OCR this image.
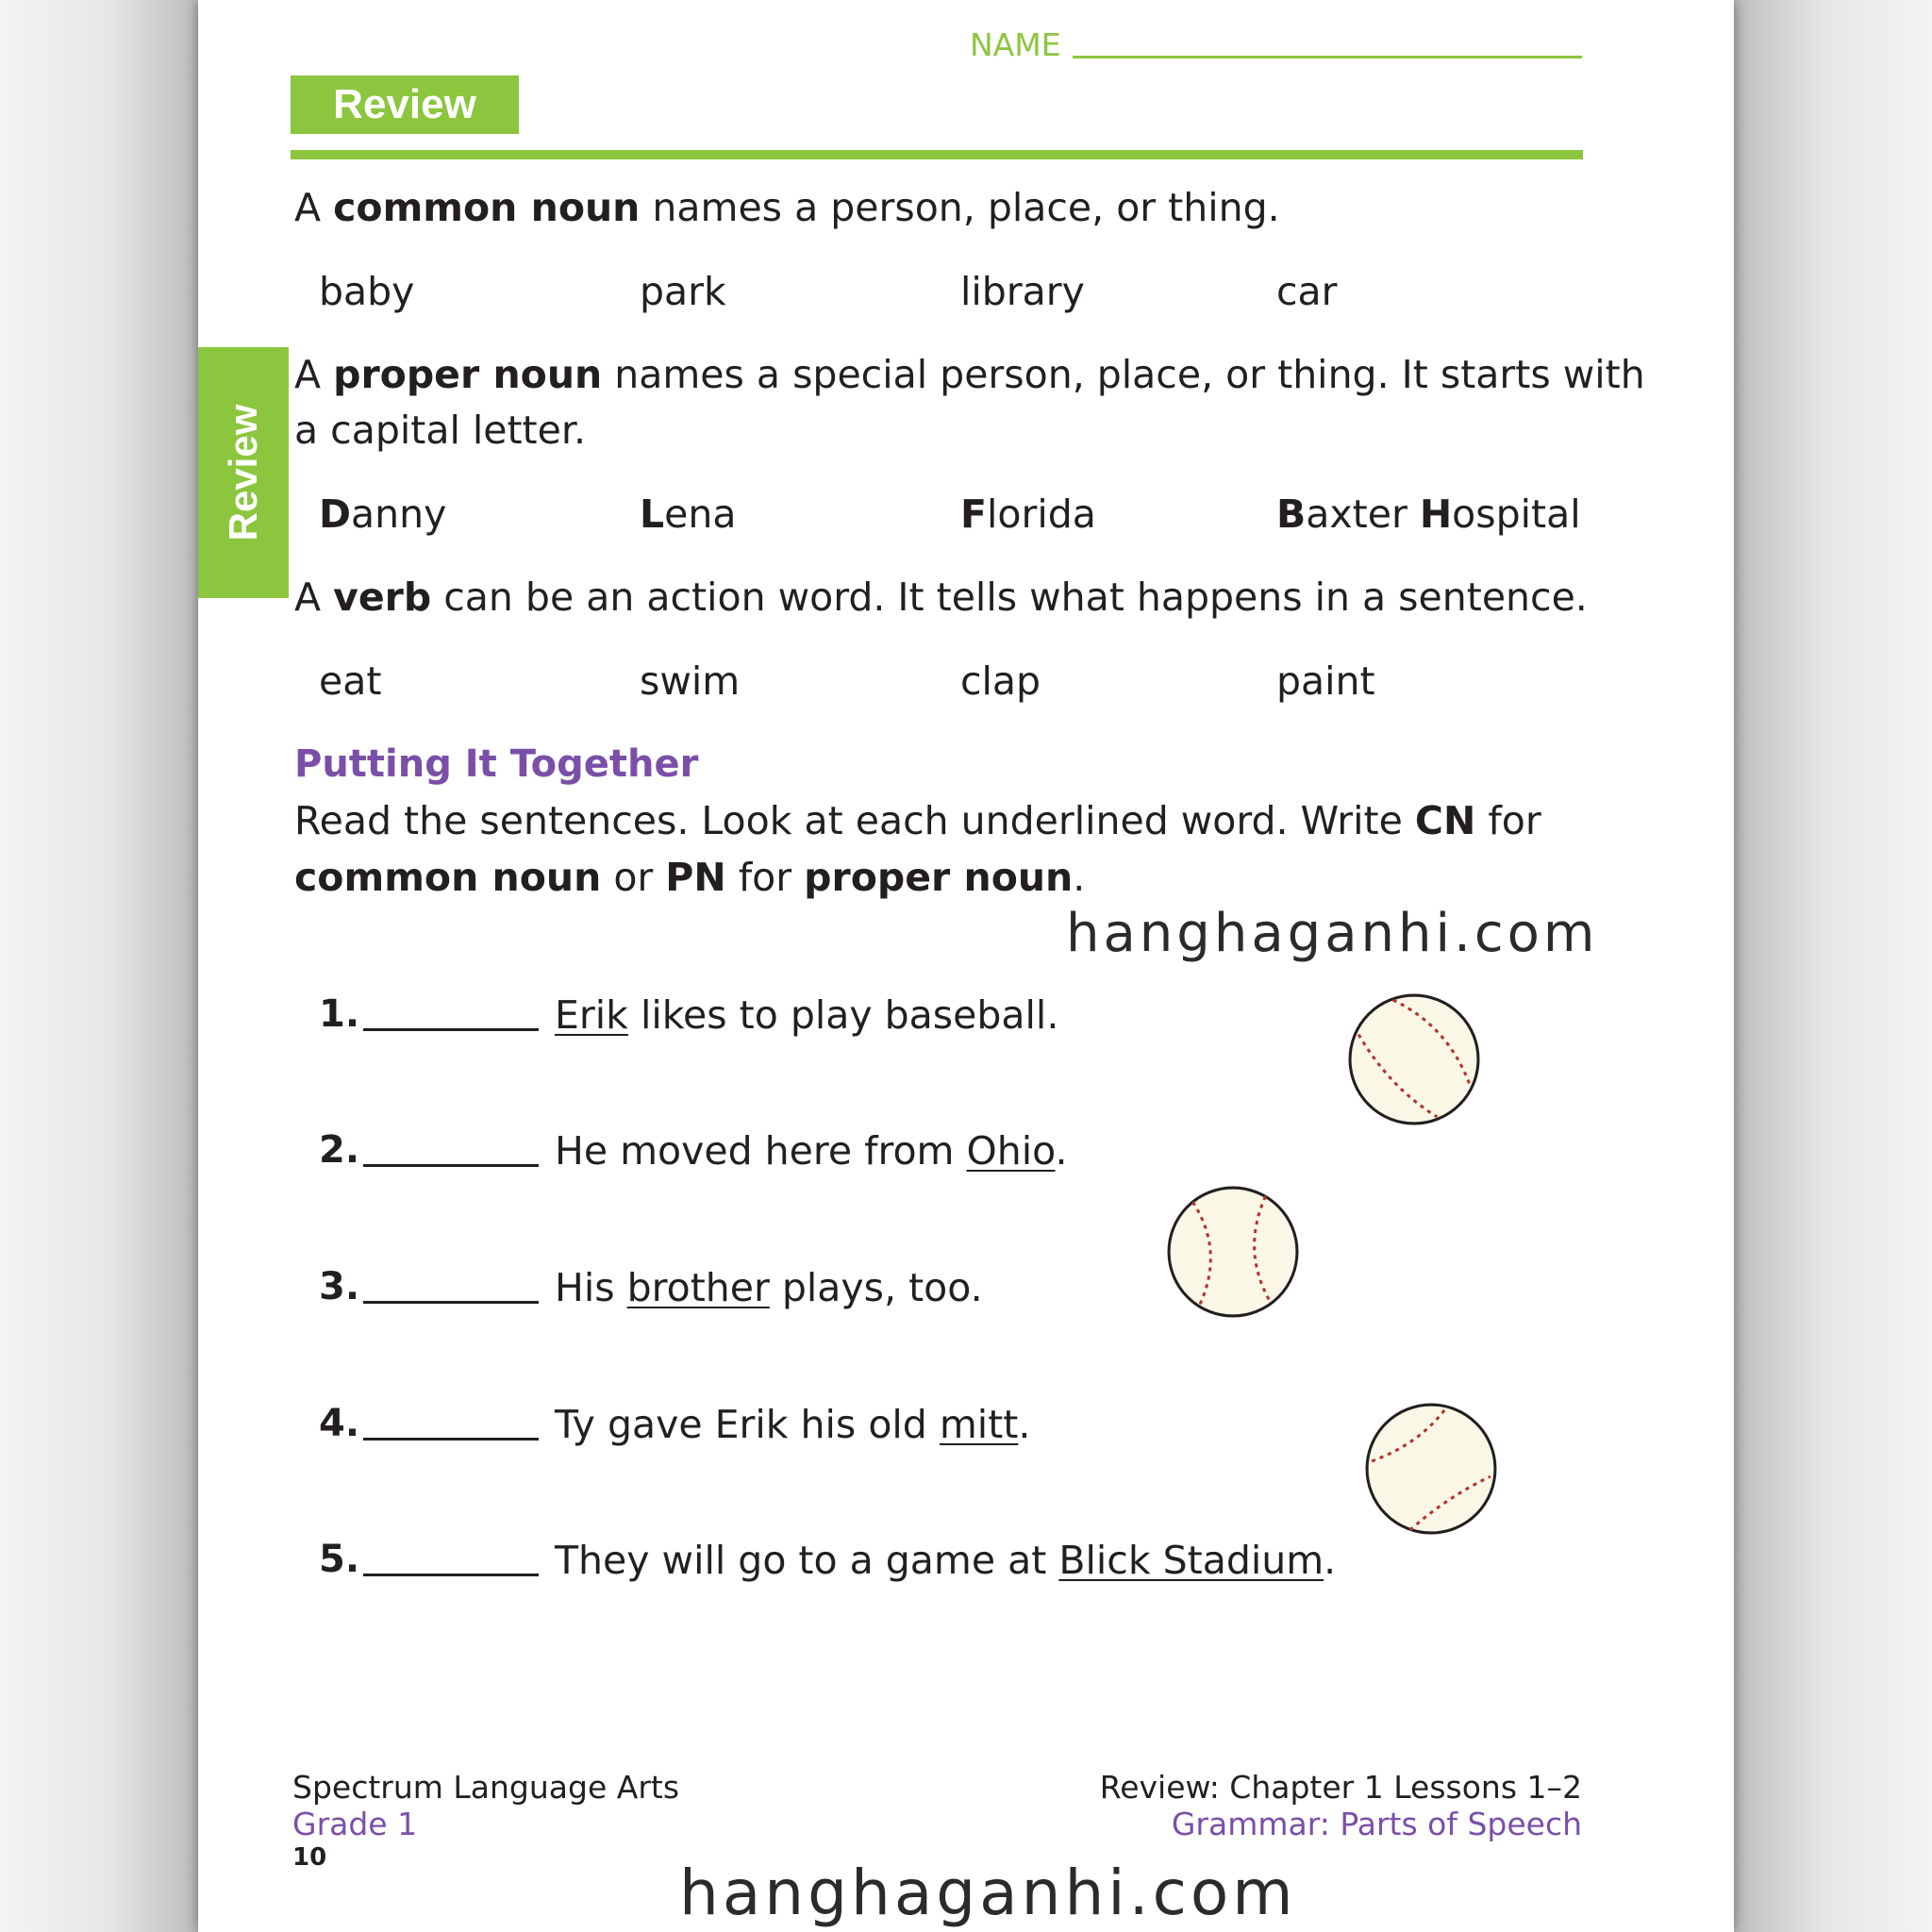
NAME
Review
Review
A common noun names a person, place, or thing.
baby	park	library	car
A proper noun names a special person, place, or thing. It starts with
a capital letter.
Danny	Lena	Florida	Baxter Hospital
A verb can be an action word. It tells what happens in a sentence.
eat	swim	clap	paint
Putting It Together
Read the sentences. Look at each underlined word. Write CN for
common noun or PN for proper noun.
hanghaganhi.com
1.	Erik likes to play baseball.
2.	He moved here from Ohio.
3.	His brother plays, too.
4.	Ty gave Erik his old mitt.
5.	They will go to a game at Blick Stadium.
Spectrum Language Arts
Grade 1
10
Review: Chapter 1 Lessons 1–2
Grammar: Parts of Speech
hanghaganhi.com
